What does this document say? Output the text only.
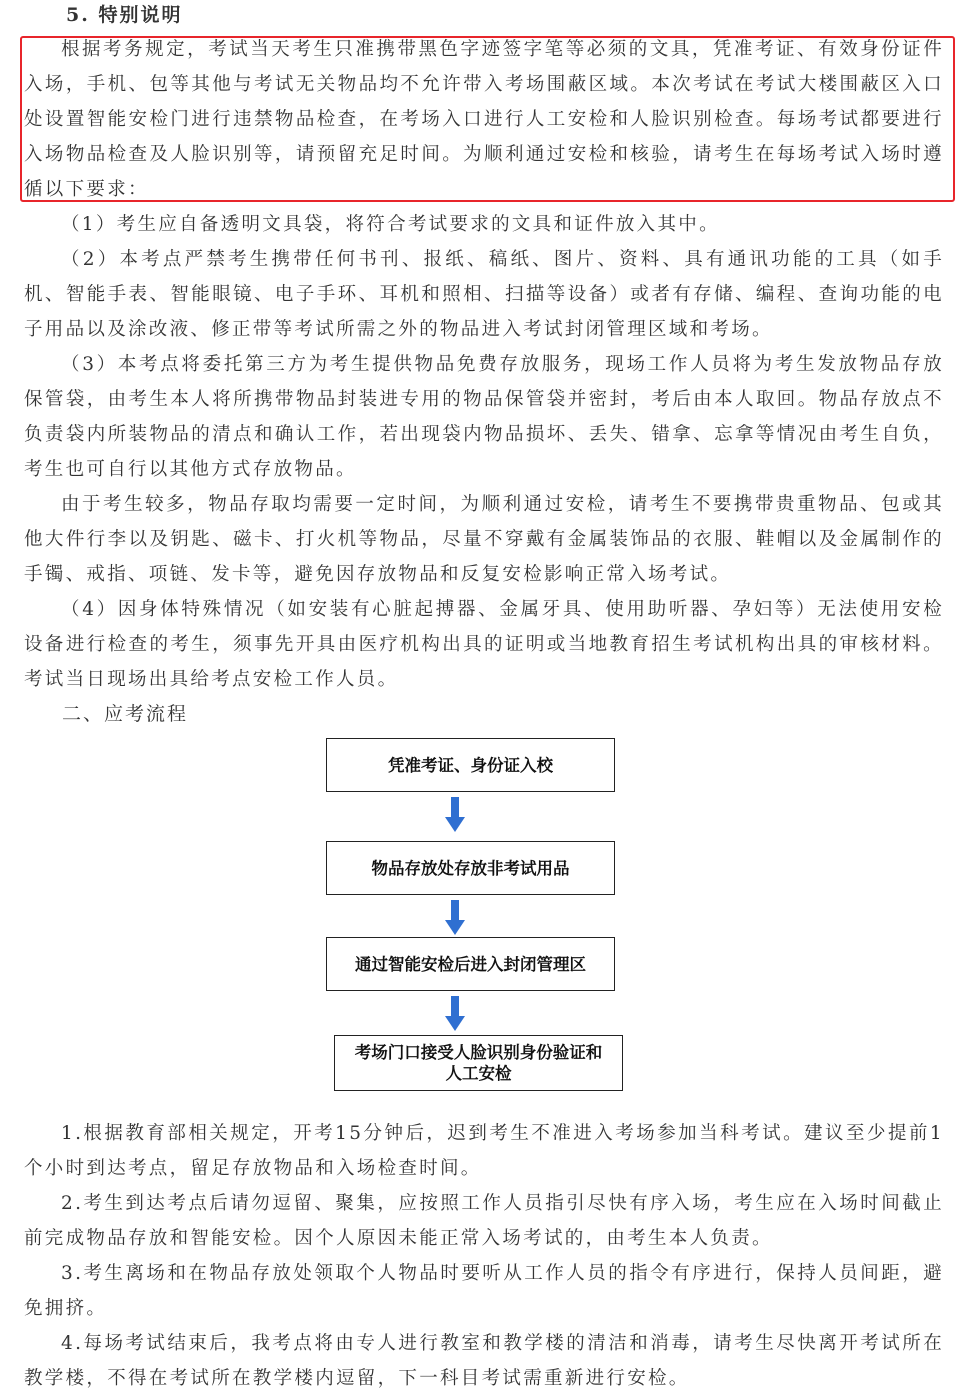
5. 特别说明

根据考务规定，考试当天考生只准携带黑色字迹签字笔等必须的文具，凭准考证、有效身份证件入场，手机、包等其他与考试无关物品均不允许带入考场围蔽区域。本次考试在考试大楼围蔽区入口处设置智能安检门进行违禁物品检查，在考场入口进行人工安检和人脸识别检查。每场考试都要进行入场物品检查及人脸识别等，请预留充足时间。为顺利通过安检和核验，请考生在每场考试入场时遵循以下要求：

（1）考生应自备透明文具袋，将符合考试要求的文具和证件放入其中。

（2）本考点严禁考生携带任何书刊、报纸、稿纸、图片、资料、具有通讯功能的工具（如手机、智能手表、智能眼镜、电子手环、耳机和照相、扫描等设备）或者有存储、编程、查询功能的电子用品以及涂改液、修正带等考试所需之外的物品进入考试封闭管理区域和考场。

（3）本考点将委托第三方为考生提供物品免费存放服务，现场工作人员将为考生发放物品存放保管袋，由考生本人将所携带物品封装进专用的物品保管袋并密封，考后由本人取回。物品存放点不负责袋内所装物品的清点和确认工作，若出现袋内物品损坏、丢失、错拿、忘拿等情况由考生自负，考生也可自行以其他方式存放物品。

由于考生较多，物品存取均需要一定时间，为顺利通过安检，请考生不要携带贵重物品、包或其他大件行李以及钥匙、磁卡、打火机等物品，尽量不穿戴有金属装饰品的衣服、鞋帽以及金属制作的手镯、戒指、项链、发卡等，避免因存放物品和反复安检影响正常入场考试。

（4）因身体特殊情况（如安装有心脏起搏器、金属牙具、使用助听器、孕妇等）无法使用安检设备进行检查的考生，须事先开具由医疗机构出具的证明或当地教育招生考试机构出具的审核材料。考试当日现场出具给考点安检工作人员。

二、应考流程

凭准考证、身份证入校
物品存放处存放非考试用品
通过智能安检后进入封闭管理区
考场门口接受人脸识别身份验证和人工安检

1.根据教育部相关规定，开考15分钟后，迟到考生不准进入考场参加当科考试。建议至少提前1个小时到达考点，留足存放物品和入场检查时间。

2.考生到达考点后请勿逗留、聚集，应按照工作人员指引尽快有序入场，考生应在入场时间截止前完成物品存放和智能安检。因个人原因未能正常入场考试的，由考生本人负责。

3.考生离场和在物品存放处领取个人物品时要听从工作人员的指令有序进行，保持人员间距，避免拥挤。

4.每场考试结束后，我考点将由专人进行教室和教学楼的清洁和消毒，请考生尽快离开考试所在教学楼，不得在考试所在教学楼内逗留，下一科目考试需重新进行安检。
